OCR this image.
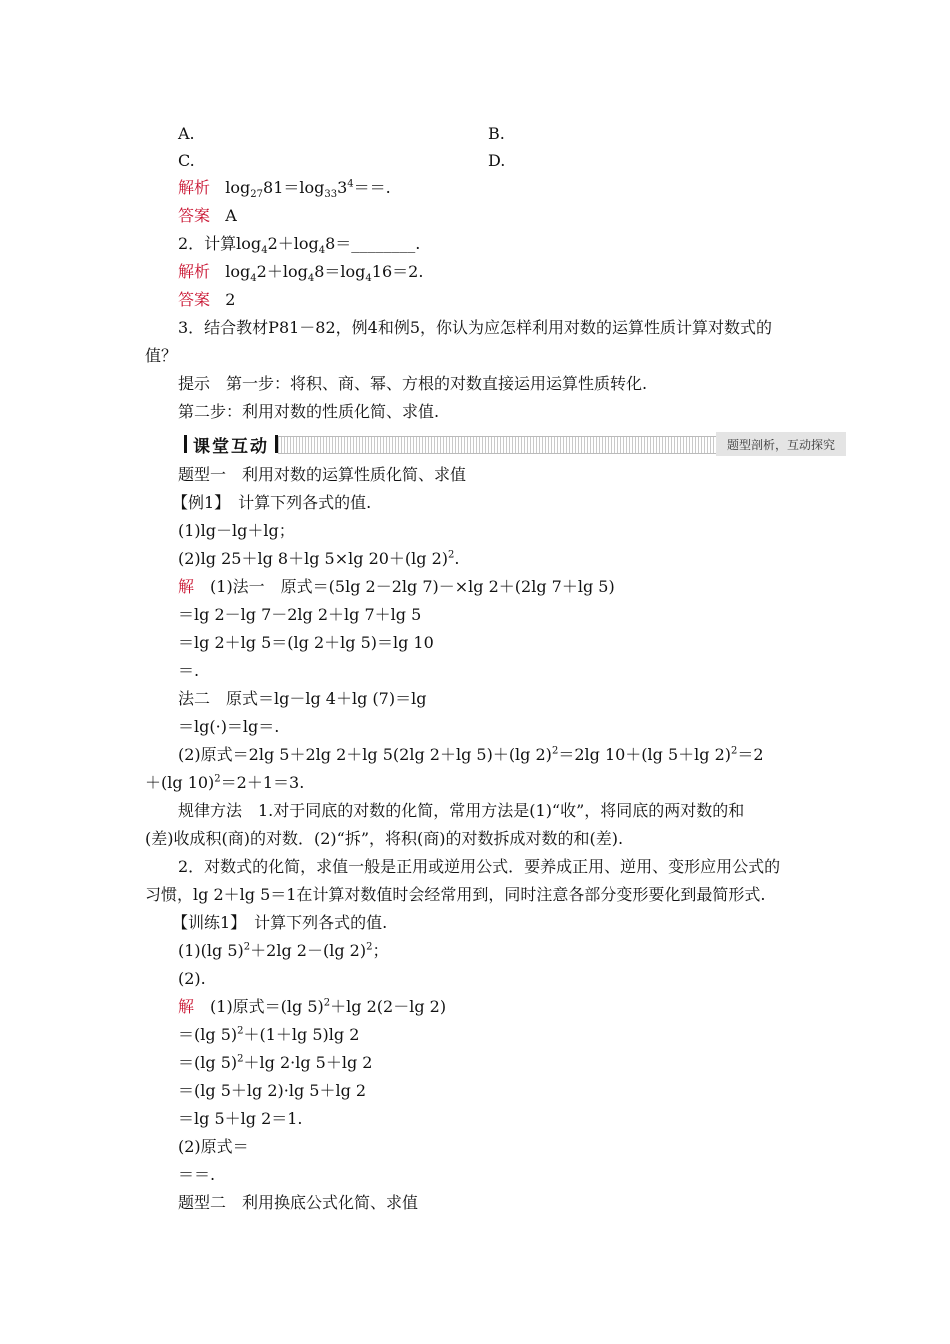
A.	B.
C.	D.
解析 $\log_{27}81=\log_{33}3^4==$.
答案 A
2．计算$\log_42+\log_48=\_\_\_\_\_\_\_\_$.
解析 $\log_42+\log_48=\log_416=2$.
答案 2
3．结合教材P81－82，例4和例5，你认为应怎样利用对数的运算性质计算对数式的
值？
提示　第一步：将积、商、幂、方根的对数直接运用运算性质转化.
第二步：利用对数的性质化简、求值.
课堂互动	题型剖析，互动探究
题型一　利用对数的运算性质化简、求值
【例1】　计算下列各式的值.
(1)lg－lg＋lg；
(2)lg 25＋lg 8＋lg 5×lg 20＋(lg 2)$^2$.
解　(1)法一　原式＝(5lg 2－2lg 7)－×lg 2＋(2lg 7＋lg 5)
＝lg 2－lg 7－2lg 2＋lg 7＋lg 5
＝lg 2＋lg 5＝(lg 2＋lg 5)＝lg 10
＝.
法二　原式＝lg－lg 4＋lg (7)＝lg
＝lg(·)＝lg＝.
(2)原式＝2lg 5＋2lg 2＋lg 5(2lg 2＋lg 5)＋(lg 2)$^2$＝2lg 10＋(lg 5＋lg 2)$^2$＝2
＋(lg 10)$^2$＝2＋1＝3.
规律方法　1.对于同底的对数的化简，常用方法是(1)“收”，将同底的两对数的和
(差)收成积(商)的对数．(2)“拆”，将积(商)的对数拆成对数的和(差).
2．对数式的化简，求值一般是正用或逆用公式．要养成正用、逆用、变形应用公式的
习惯，lg 2＋lg 5＝1在计算对数值时会经常用到，同时注意各部分变形要化到最简形式.
【训练1】　计算下列各式的值.
(1)(lg 5)$^2$＋2lg 2－(lg 2)$^2$；
(2).
解　(1)原式＝(lg 5)$^2$＋lg 2(2－lg 2)
＝(lg 5)$^2$＋(1＋lg 5)lg 2
＝(lg 5)$^2$＋lg 2·lg 5＋lg 2
＝(lg 5＋lg 2)·lg 5＋lg 2
＝lg 5＋lg 2＝1.
(2)原式＝
＝＝.
题型二　利用换底公式化简、求值
